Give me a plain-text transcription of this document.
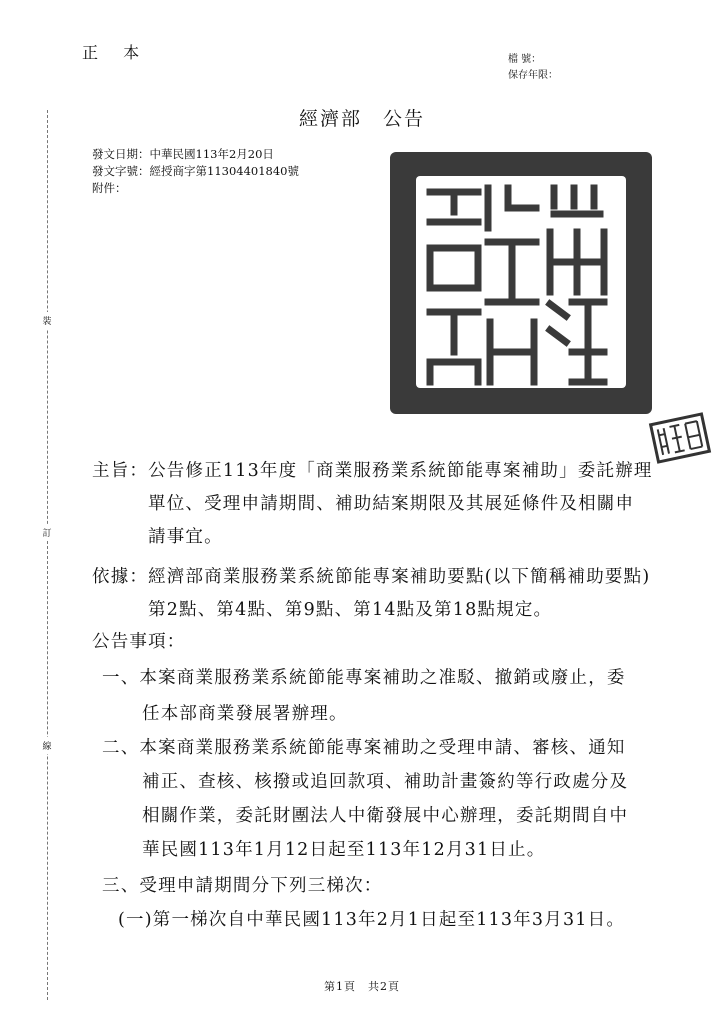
正 本	檔 號：
保存年限：
裝
訂
線
經濟部　公告
發文日期：中華民國113年2月20日
發文字號：經授商字第11304401840號
附件：
主旨：公告修正113年度「商業服務業系統節能專案補助」委託辦理
單位、受理申請期間、補助結案期限及其展延條件及相關申
請事宜。
依據：經濟部商業服務業系統節能專案補助要點(以下簡稱補助要點)
第2點、第4點、第9點、第14點及第18點規定。
公告事項：
一、本案商業服務業系統節能專案補助之准駁、撤銷或廢止，委
任本部商業發展署辦理。
二、本案商業服務業系統節能專案補助之受理申請、審核、通知
補正、查核、核撥或追回款項、補助計畫簽約等行政處分及
相關作業，委託財團法人中衛發展中心辦理，委託期間自中
華民國113年1月12日起至113年12月31日止。
三、受理申請期間分下列三梯次：
(一)第一梯次自中華民國113年2月1日起至113年3月31日。
第1頁　共2頁
